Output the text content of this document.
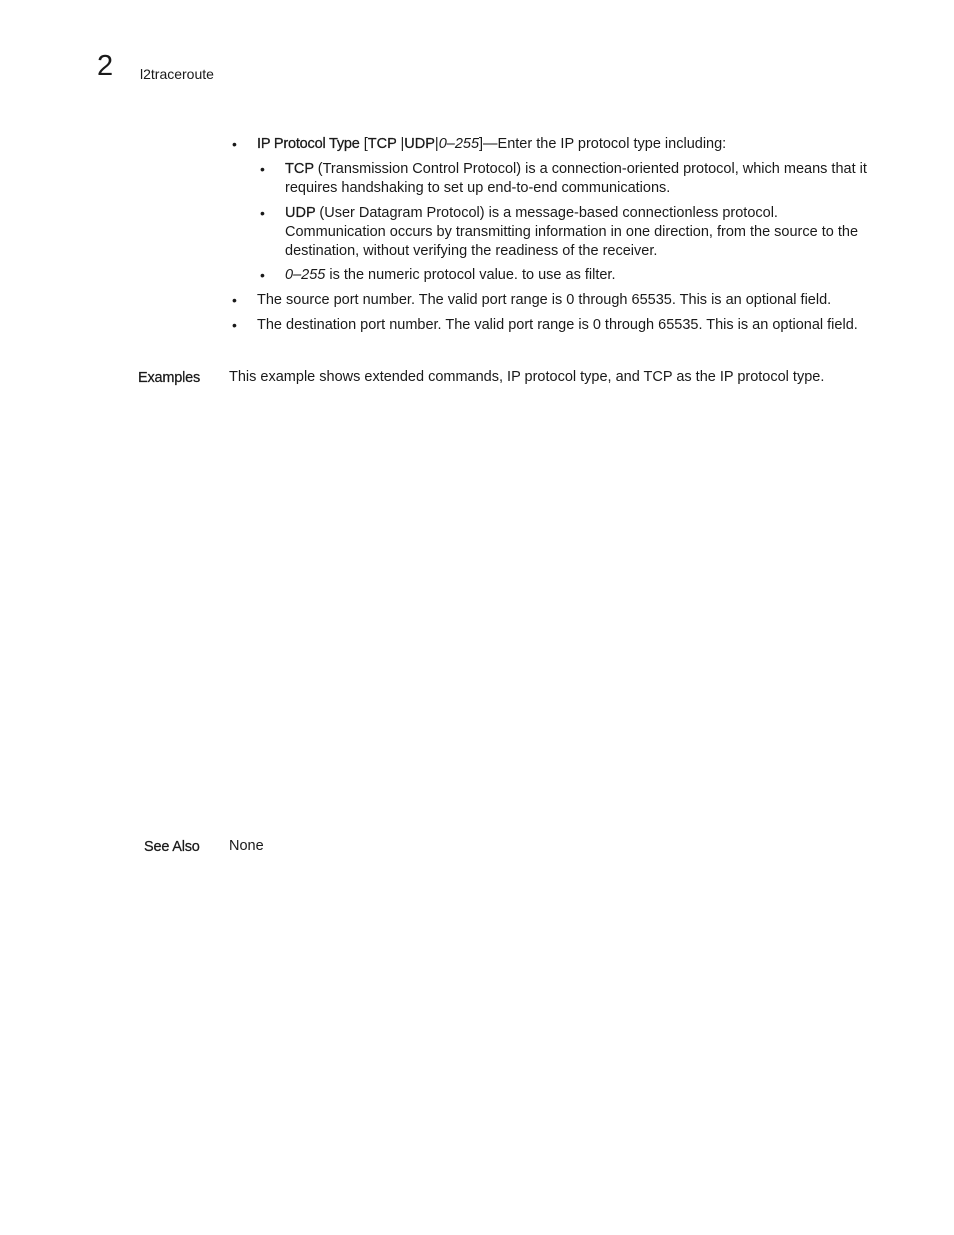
2 l2traceroute
• IP Protocol Type [TCP |UDP|0–255]—Enter the IP protocol type including:
• TCP (Transmission Control Protocol) is a connection-oriented protocol, which means that it requires handshaking to set up end-to-end communications.
• UDP (User Datagram Protocol) is a message-based connectionless protocol. Communication occurs by transmitting information in one direction, from the source to the destination, without verifying the readiness of the receiver.
• 0–255 is the numeric protocol value. to use as filter.
• The source port number. The valid port range is 0 through 65535. This is an optional field.
• The destination port number. The valid port range is 0 through 65535. This is an optional field.
Examples This example shows extended commands, IP protocol type, and TCP as the IP protocol type.
See Also None
